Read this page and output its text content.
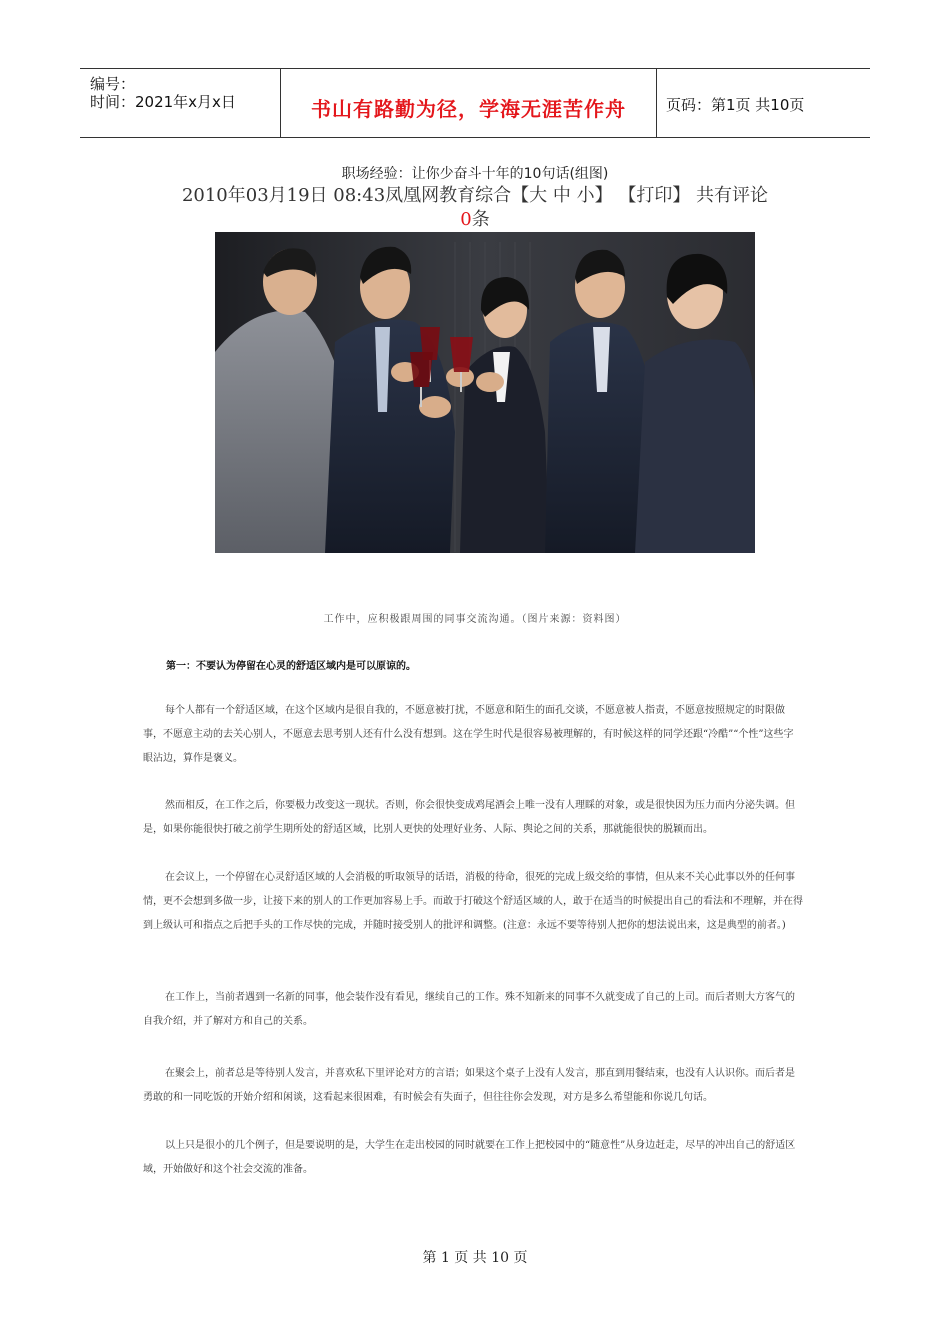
编号：
时间：2021年x月x日	书山有路勤为径，学海无涯苦作舟	页码：第1页 共10页
职场经验：让你少奋斗十年的10句话(组图)
2010年03月19日 08:43凤凰网教育综合【大 中 小】 【打印】 共有评论
0条
工作中，应积极跟周围的同事交流沟通。（图片来源：资料图）
第一：不要认为停留在心灵的舒适区域内是可以原谅的。

每个人都有一个舒适区域，在这个区域内是很自我的，不愿意被打扰，不愿意和陌生的面孔交谈，不愿意被人指责，不愿意按照规定的时限做事，不愿意主动的去关心别人，不愿意去思考别人还有什么没有想到。这在学生时代是很容易被理解的，有时候这样的同学还跟“冷酷”“个性”这些字眼沾边，算作是褒义。

然而相反，在工作之后，你要极力改变这一现状。否则，你会很快变成鸡尾酒会上唯一没有人理睬的对象，或是很快因为压力而内分泌失调。但是，如果你能很快打破之前学生期所处的舒适区域，比别人更快的处理好业务、人际、舆论之间的关系，那就能很快的脱颖而出。

在会议上，一个停留在心灵舒适区域的人会消极的听取领导的话语，消极的待命，很死的完成上级交给的事情，但从来不关心此事以外的任何事情，更不会想到多做一步，让接下来的别人的工作更加容易上手。而敢于打破这个舒适区域的人，敢于在适当的时候提出自己的看法和不理解，并在得到上级认可和指点之后把手头的工作尽快的完成，并随时接受别人的批评和调整。(注意：永远不要等待别人把你的想法说出来，这是典型的前者。)

在工作上，当前者遇到一名新的同事，他会装作没有看见，继续自己的工作。殊不知新来的同事不久就变成了自己的上司。而后者则大方客气的自我介绍，并了解对方和自己的关系。

在聚会上，前者总是等待别人发言，并喜欢私下里评论对方的言语；如果这个桌子上没有人发言，那直到用餐结束，也没有人认识你。而后者是勇敢的和一同吃饭的开始介绍和闲谈，这看起来很困难，有时候会有失面子，但往往你会发现，对方是多么希望能和你说几句话。

以上只是很小的几个例子，但是要说明的是，大学生在走出校园的同时就要在工作上把校园中的“随意性”从身边赶走，尽早的冲出自己的舒适区域，开始做好和这个社会交流的准备。

第 1 页 共 10 页
